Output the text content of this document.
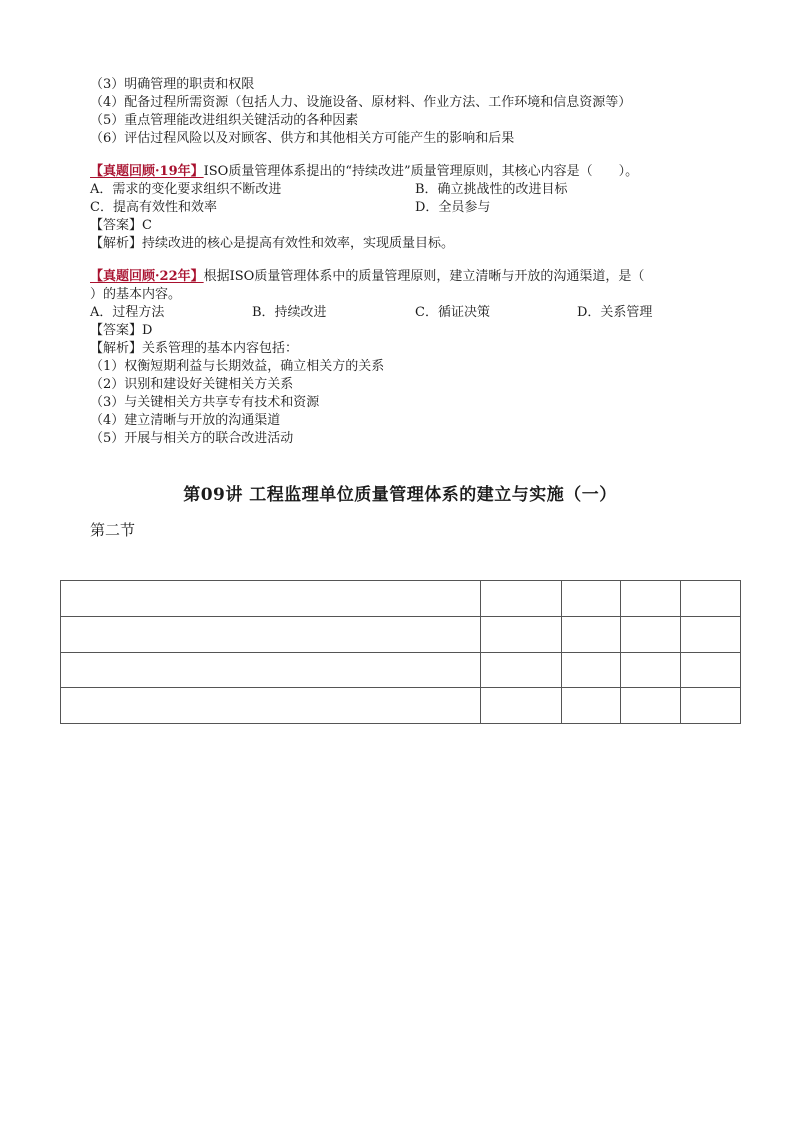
（3）明确管理的职责和权限
（4）配备过程所需资源（包括人力、设施设备、原材料、作业方法、工作环境和信息资源等）
（5）重点管理能改进组织关键活动的各种因素
（6）评估过程风险以及对顾客、供方和其他相关方可能产生的影响和后果
【真题回顾·19年】ISO质量管理体系提出的“持续改进”质量管理原则，其核心内容是（　　）。
A．需求的变化要求组织不断改进	B．确立挑战性的改进目标
C．提高有效性和效率	D．全员参与
【答案】C
【解析】持续改进的核心是提高有效性和效率，实现质量目标。
【真题回顾·22年】根据ISO质量管理体系中的质量管理原则，建立清晰与开放的沟通渠道，是（
）的基本内容。
A．过程方法	B．持续改进	C．循证决策	D．关系管理
【答案】D
【解析】关系管理的基本内容包括：
（1）权衡短期利益与长期效益，确立相关方的关系
（2）识别和建设好关键相关方关系
（3）与关键相关方共享专有技术和资源
（4）建立清晰与开放的沟通渠道
（5）开展与相关方的联合改进活动
第09讲 工程监理单位质量管理体系的建立与实施（一）
第二节
